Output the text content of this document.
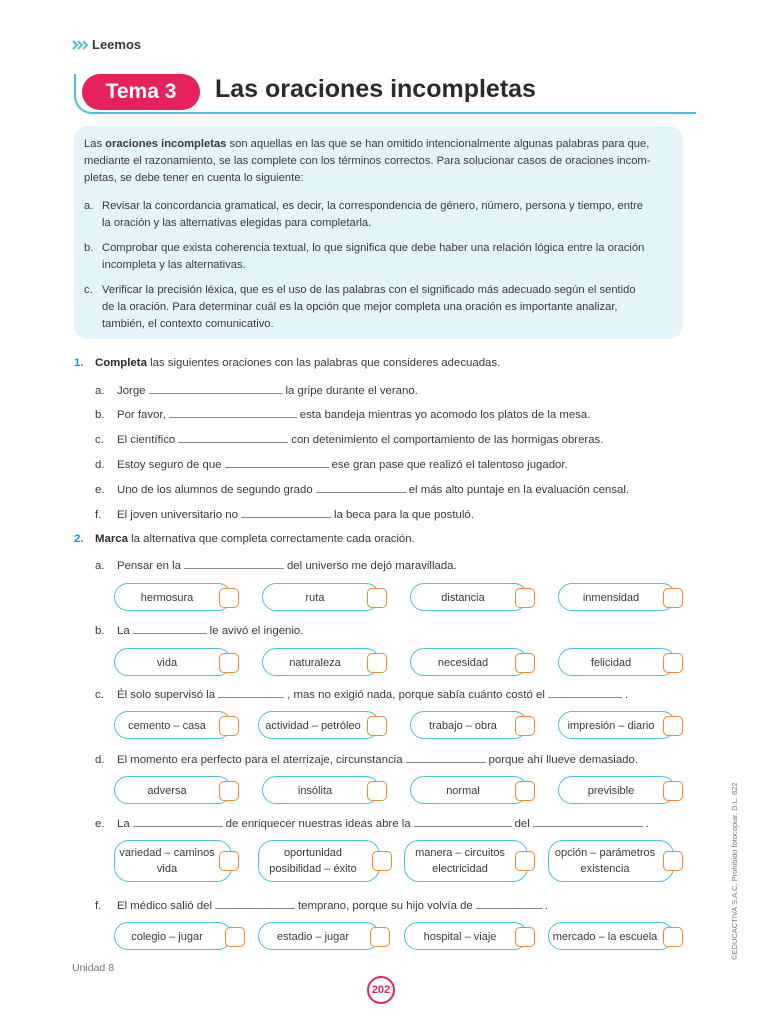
Leemos
Tema 3	Las oraciones incompletas
Las oraciones incompletas son aquellas en las que se han omitido intencionalmente algunas palabras para que,
mediante el razonamiento, se las complete con los términos correctos. Para solucionar casos de oraciones incom-
pletas, se debe tener en cuenta lo siguiente:
a. Revisar la concordancia gramatical, es decir, la correspondencia de género, número, persona y tiempo, entre
la oración y las alternativas elegidas para completarla.
b. Comprobar que exista coherencia textual, lo que significa que debe haber una relación lógica entre la oración
incompleta y las alternativas.
c. Verificar la precisión léxica, que es el uso de las palabras con el significado más adecuado según el sentido
de la oración. Para determinar cuál es la opción que mejor completa una oración es importante analizar,
también, el contexto comunicativo.
1. Completa las siguientes oraciones con las palabras que consideres adecuadas.
a. Jorge	la gripe durante el verano.
b. Por favor,	esta bandeja mientras yo acomodo los platos de la mesa.
c. El científico	con detenimiento el comportamiento de las hormigas obreras.
d. Estoy seguro de que	ese gran pase que realizó el talentoso jugador.
e. Uno de los alumnos de segundo grado	el más alto puntaje en la evaluación censal.
f. El joven universitario no	la beca para la que postuló.
2. Marca la alternativa que completa correctamente cada oración.
a. Pensar en la	del universo me dejó maravillada.
hermosura	ruta	distancia	inmensidad
b. La	le avivó el ingenio.
vida	naturaleza	necesidad	felicidad
c. Él solo supervisó la	, mas no exigió nada, porque sabía cuánto costó el	.
cemento – casa	actividad – petróleo	trabajo – obra	impresión – diario
d. El momento era perfecto para el aterrizaje, circunstancia	porque ahí llueve demasiado.
adversa	insólita	normal	previsible
e. La	de enriquecer nuestras ideas abre la	del	.
variedad – caminos
vida
oportunidad
posibilidad – éxito
manera – circuitos
electricidad
opción – parámetros
existencia
f. El médico salió del	temprano, porque su hijo volvía de	.
colegio – jugar	estadio – jugar	hospital – viaje	mercado – la escuela	©EDUCACTIVA S.A.C. Prohibido fotocopiar. D.L. 822
Unidad 8
202
